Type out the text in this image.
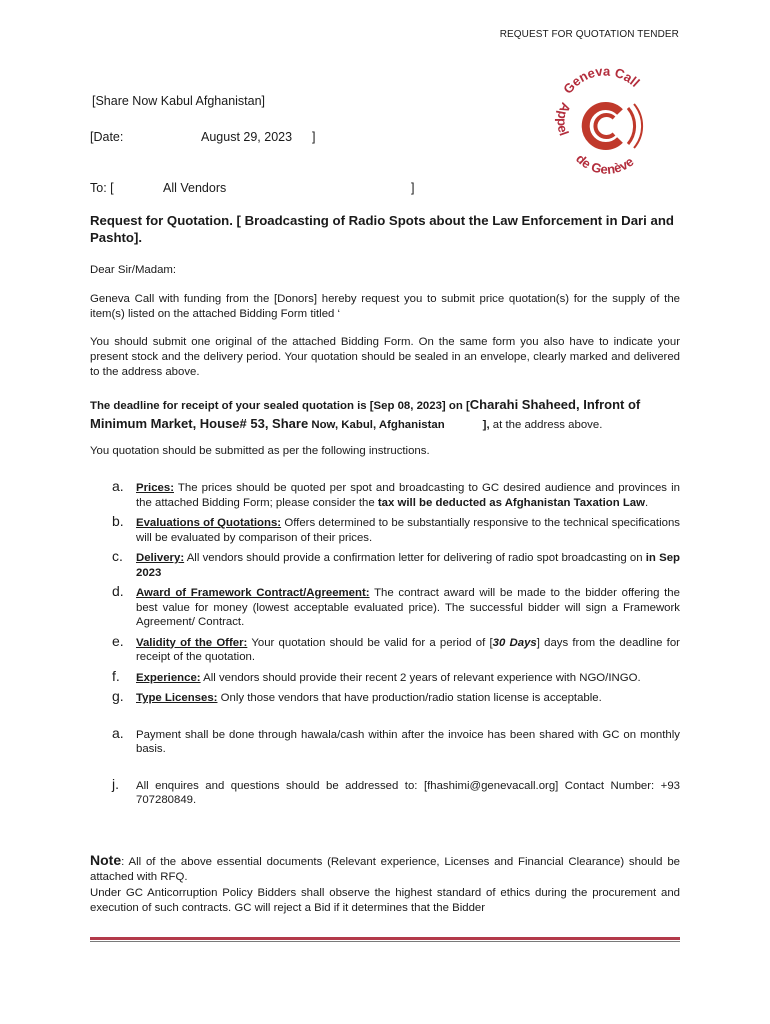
REQUEST FOR QUOTATION TENDER
Geneva Call
Appel
de Genève
[Share Now Kabul Afghanistan]
[Date:	August 29, 2023 ]
To: [	All Vendors	]
Request for Quotation. [ Broadcasting of Radio Spots about the Law Enforcement in Dari and Pashto].
Dear Sir/Madam:
Geneva Call with funding from the [Donors] hereby request you to submit price quotation(s) for the supply of the item(s) listed on the attached Bidding Form titled ‘
You should submit one original of the attached Bidding Form. On the same form you also have to indicate your present stock and the delivery period. Your quotation should be sealed in an envelope, clearly marked and delivered to the address above.
The deadline for receipt of your sealed quotation is [Sep 08, 2023] on [Charahi Shaheed, Infront of Minimum Market, House# 53, Share Now, Kabul, Afghanistan	], at the address above.
You quotation should be submitted as per the following instructions.
a. Prices: The prices should be quoted per spot and broadcasting to GC desired audience and provinces in the attached Bidding Form; please consider the tax will be deducted as Afghanistan Taxation Law.
b. Evaluations of Quotations: Offers determined to be substantially responsive to the technical specifications will be evaluated by comparison of their prices.
c. Delivery: All vendors should provide a confirmation letter for delivering of radio spot broadcasting on in Sep 2023
d. Award of Framework Contract/Agreement: The contract award will be made to the bidder offering the best value for money (lowest acceptable evaluated price). The successful bidder will sign a Framework Agreement/ Contract.
e. Validity of the Offer: Your quotation should be valid for a period of [30 Days] days from the deadline for receipt of the quotation.
f. Experience: All vendors should provide their recent 2 years of relevant experience with NGO/INGO.
g. Type Licenses: Only those vendors that have production/radio station license is acceptable.
a. Payment shall be done through hawala/cash within after the invoice has been shared with GC on monthly basis.
j. All enquires and questions should be addressed to: [fhashimi@genevacall.org] Contact Number: +93 707280849.
Note: All of the above essential documents (Relevant experience, Licenses and Financial Clearance) should be attached with RFQ.
Under GC Anticorruption Policy Bidders shall observe the highest standard of ethics during the procurement and execution of such contracts. GC will reject a Bid if it determines that the Bidder
